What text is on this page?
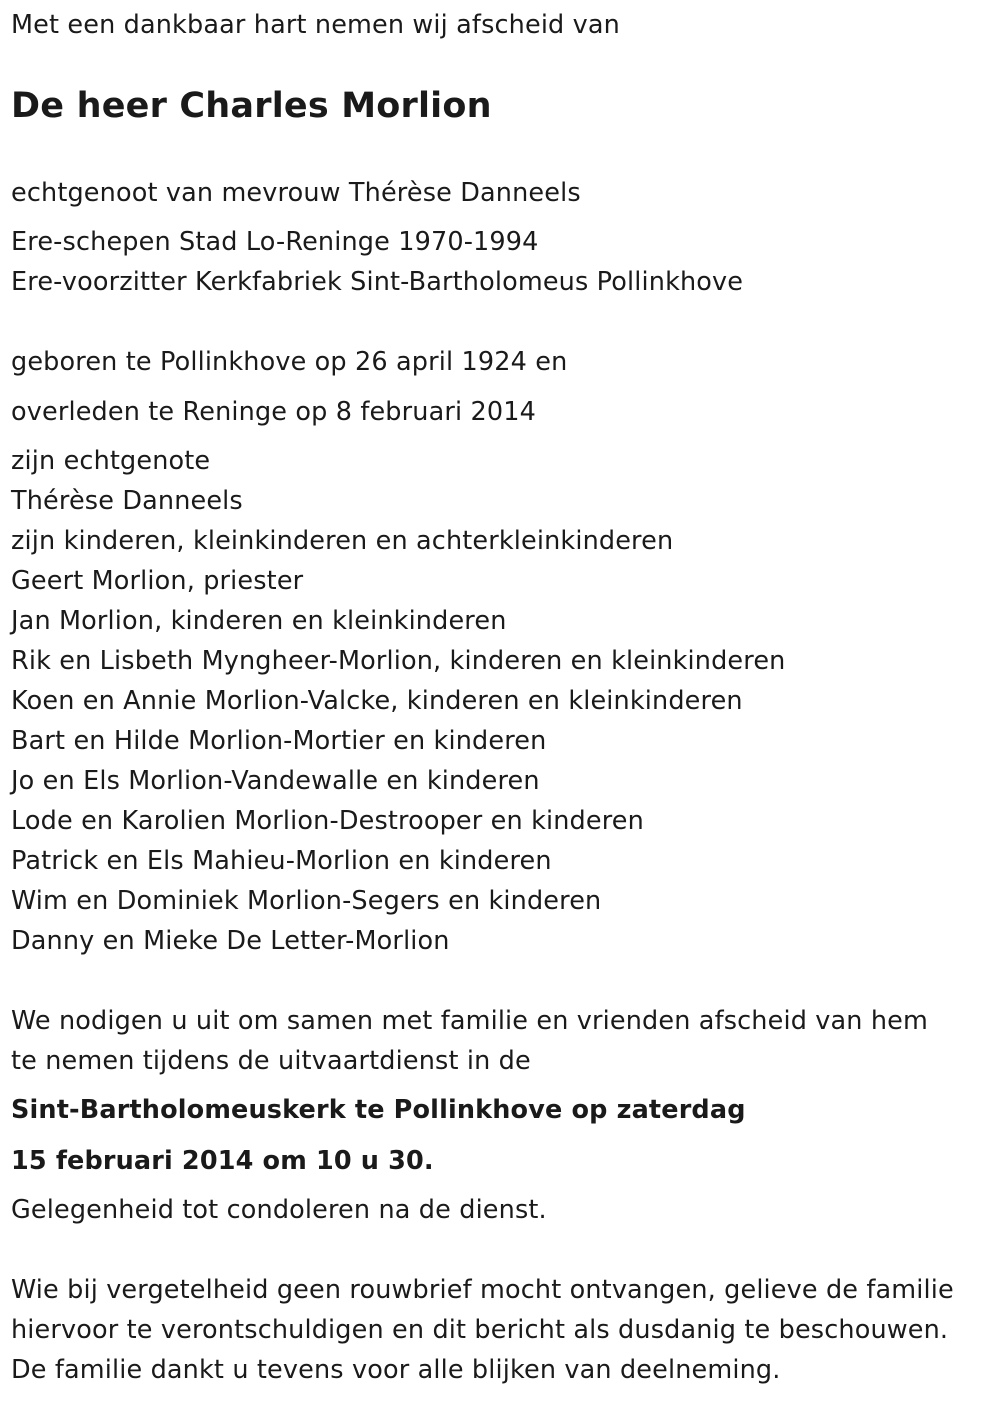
Met een dankbaar hart nemen wij afscheid van
De heer Charles Morlion
echtgenoot van mevrouw Thérèse Danneels
Ere-schepen Stad Lo-Reninge 1970-1994
Ere-voorzitter Kerkfabriek Sint-Bartholomeus Pollinkhove
geboren te Pollinkhove op 26 april 1924 en
overleden te Reninge op 8 februari 2014
zijn echtgenote
Thérèse Danneels
zijn kinderen, kleinkinderen en achterkleinkinderen
Geert Morlion, priester
Jan Morlion, kinderen en kleinkinderen
Rik en Lisbeth Myngheer-Morlion, kinderen en kleinkinderen
Koen en Annie Morlion-Valcke, kinderen en kleinkinderen
Bart en Hilde Morlion-Mortier en kinderen
Jo en Els Morlion-Vandewalle en kinderen
Lode en Karolien Morlion-Destrooper en kinderen
Patrick en Els Mahieu-Morlion en kinderen
Wim en Dominiek Morlion-Segers en kinderen
Danny en Mieke De Letter-Morlion
We nodigen u uit om samen met familie en vrienden afscheid van hem
te nemen tijdens de uitvaartdienst in de
Sint-Bartholomeuskerk te Pollinkhove op zaterdag
15 februari 2014 om 10 u 30.
Gelegenheid tot condoleren na de dienst.
Wie bij vergetelheid geen rouwbrief mocht ontvangen, gelieve de familie
hiervoor te verontschuldigen en dit bericht als dusdanig te beschouwen.
De familie dankt u tevens voor alle blijken van deelneming.
